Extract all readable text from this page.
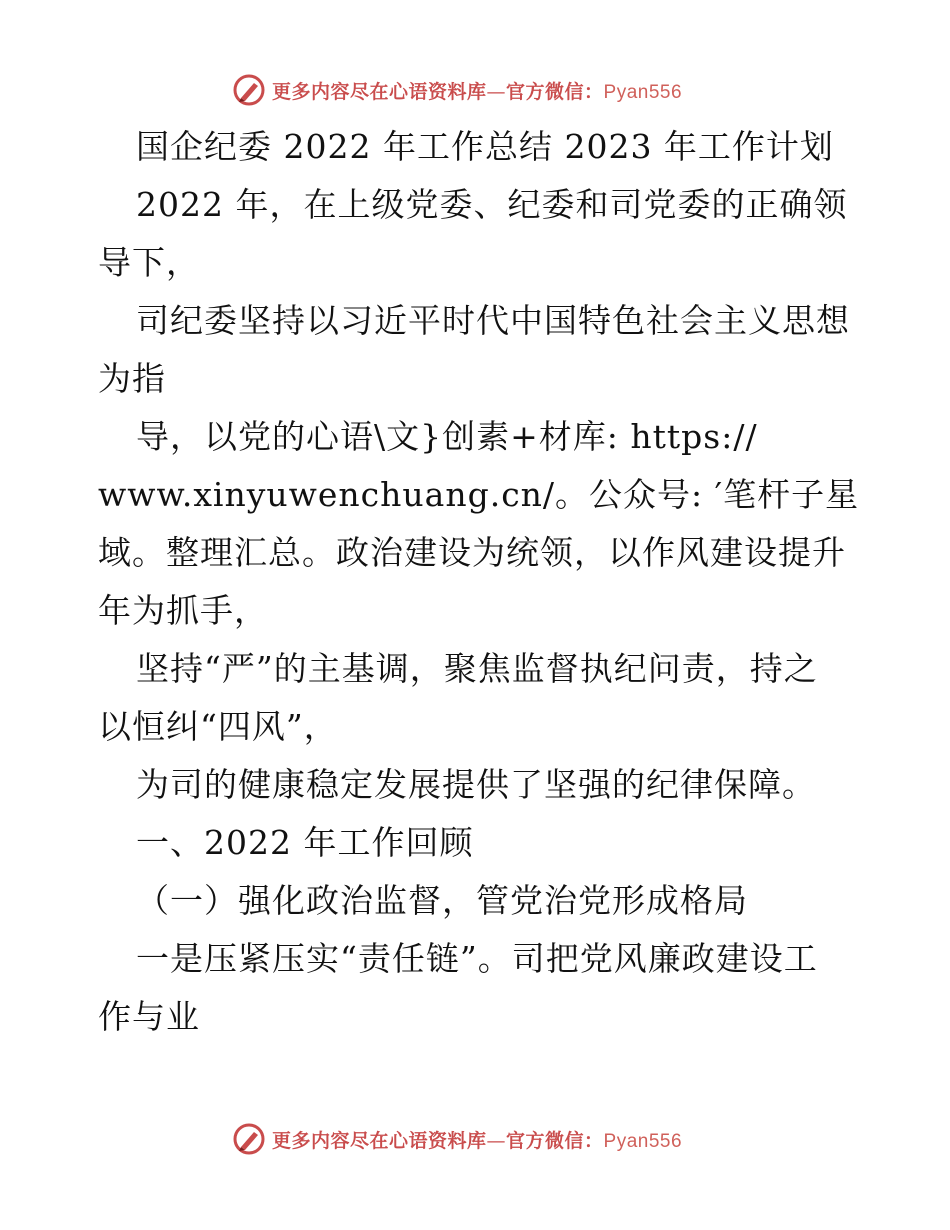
更多内容尽在心语资料库—官方微信：Pyan556
国企纪委 2022 年工作总结 2023 年工作计划
2022 年，在上级党委、纪委和司党委的正确领
导下，
司纪委坚持以习近平时代中国特色社会主义思想
为指
导，以党的心语\文}创素+材库: https://
www.xinyuwenchuang.cn/。公众号: ′笔杆子星
域。整理汇总。政治建设为统领，以作风建设提升
年为抓手，
坚持“严”的主基调，聚焦监督执纪问责，持之
以恒纠“四风”，
为司的健康稳定发展提供了坚强的纪律保障。
一、2022 年工作回顾
（一）强化政治监督，管党治党形成格局
一是压紧压实“责任链”。司把党风廉政建设工
作与业
更多内容尽在心语资料库—官方微信：Pyan556
